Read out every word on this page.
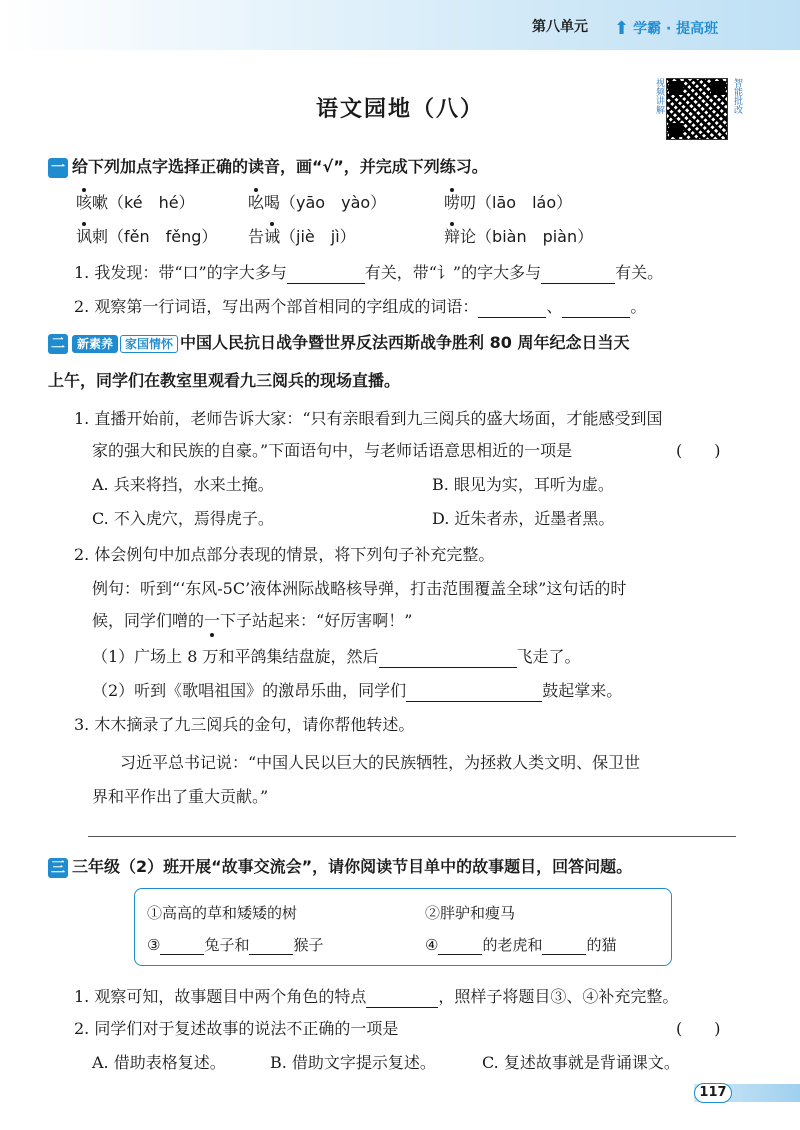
第八单元 ⬆ 学霸 · 提高班
语文园地（八）	视频讲解	智能批改
一 给下列加点字选择正确的读音，画“√”，并完成下列练习。
咳嗽（ké　hé）	吆喝（yāo　yào）	唠叨（lāo　láo）
讽刺（fěn　fěng） 告诫（jiè　jì）	辩论（biàn　piàn）
1. 我发现：带“口”的字大多与	有关，带“讠”的字大多与	有关。
2. 观察第一行词语，写出两个部首相同的字组成的词语：	、	。
二 新素养 家国情怀 中国人民抗日战争暨世界反法西斯战争胜利 80 周年纪念日当天
上午，同学们在教室里观看九三阅兵的现场直播。
1. 直播开始前，老师告诉大家：“只有亲眼看到九三阅兵的盛大场面，才能感受到国
家的强大和民族的自豪。”下面语句中，与老师话语意思相近的一项是	(　　)
A. 兵来将挡，水来土掩。	B. 眼见为实，耳听为虚。
C. 不入虎穴，焉得虎子。	D. 近朱者赤，近墨者黑。
2. 体会例句中加点部分表现的情景，将下列句子补充完整。
例句：听到“‘东风-5C’液体洲际战略核导弹，打击范围覆盖全球”这句话的时
候，同学们噌的一下子站起来：“好厉害啊！”
（1）广场上 8 万和平鸽集结盘旋，然后	飞走了。
（2）听到《歌唱祖国》的激昂乐曲，同学们	鼓起掌来。
3. 木木摘录了九三阅兵的金句，请你帮他转述。
习近平总书记说：“中国人民以巨大的民族牺牲，为拯救人类文明、保卫世
界和平作出了重大贡献。”
三 三年级（2）班开展“故事交流会”，请你阅读节目单中的故事题目，回答问题。
①高高的草和矮矮的树	②胖驴和瘦马
③	兔子和	猴子	④	的老虎和	的猫
1. 观察可知，故事题目中两个角色的特点	，照样子将题目③、④补充完整。
2. 同学们对于复述故事的说法不正确的一项是	(　　)
A. 借助表格复述。	B. 借助文字提示复述。	C. 复述故事就是背诵课文。
117
